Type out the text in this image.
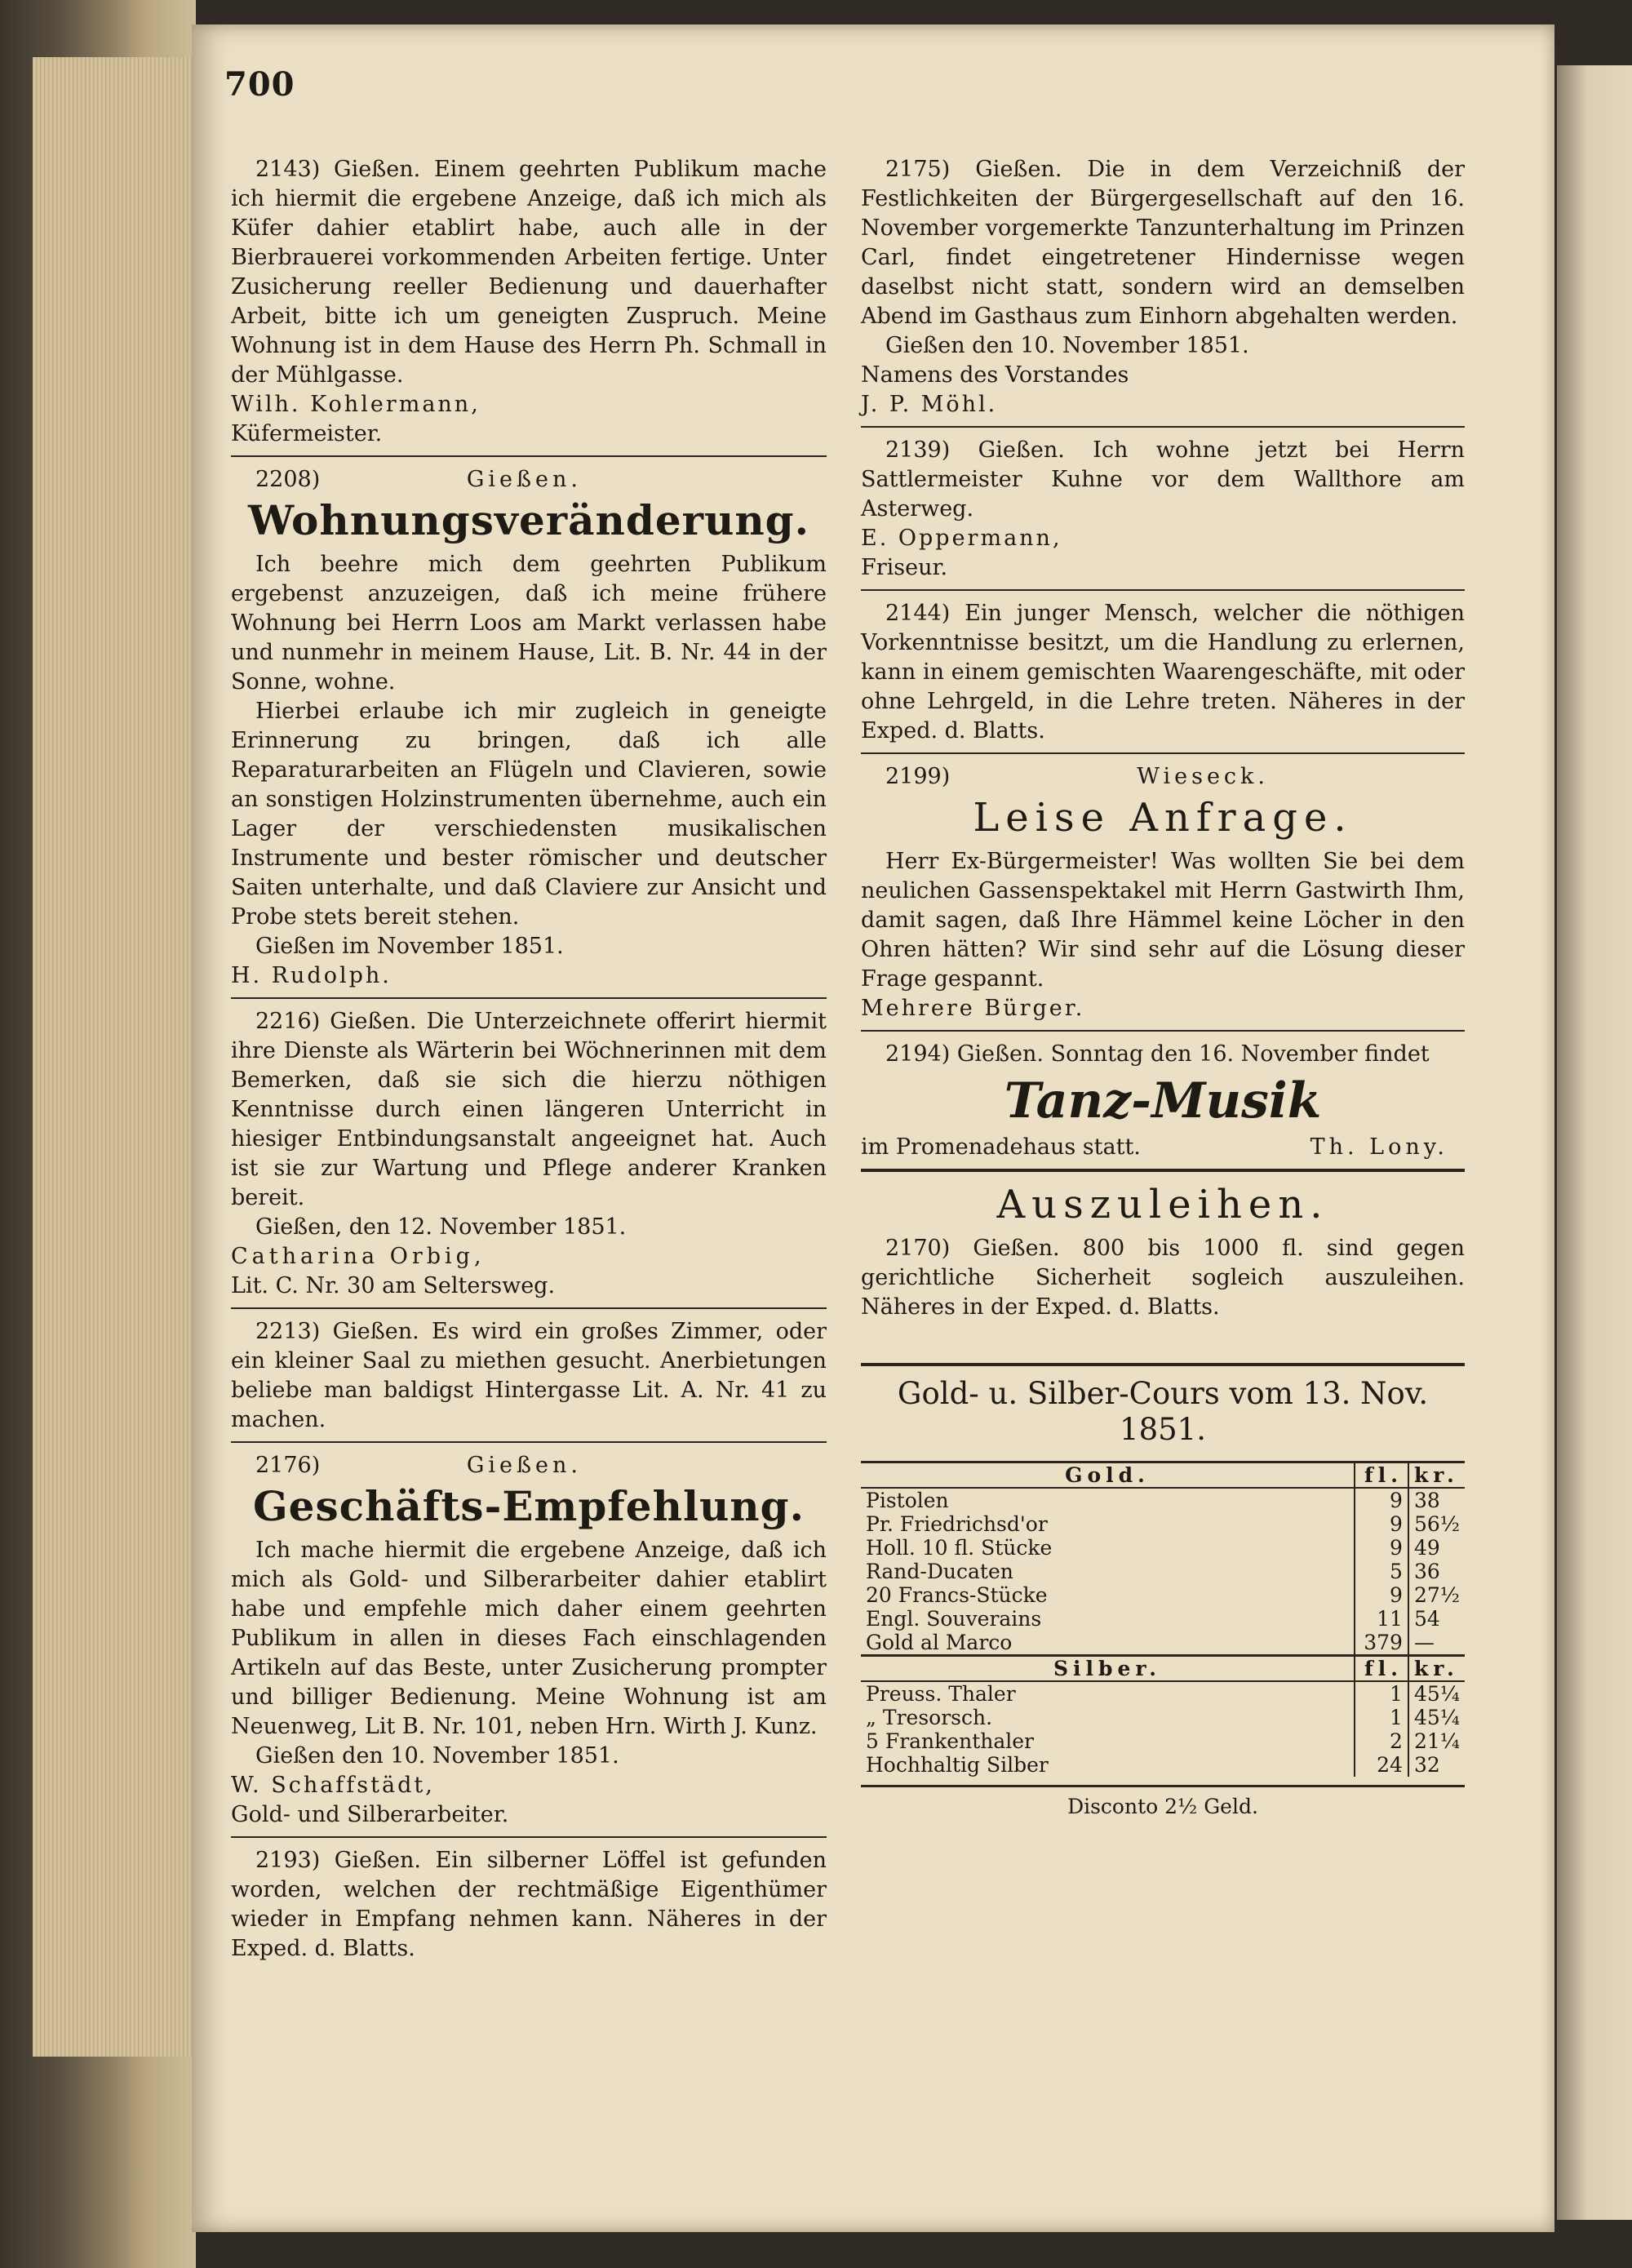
700

2143) Gießen. Einem geehrten Publikum mache ich hiermit die ergebene Anzeige, daß ich mich als Küfer dahier etablirt habe, auch alle in der Bierbrauerei vorkommenden Arbeiten fertige. Unter Zusicherung reeller Bedienung und dauerhafter Arbeit, bitte ich um geneigten Zuspruch. Meine Wohnung ist in dem Hause des Herrn Ph. Schmall in der Mühlgasse.

Wilh. Kohlermann,

Küfermeister.

2208)	Gießen.
Wohnungsveränderung.

Ich beehre mich dem geehrten Publikum ergebenst anzuzeigen, daß ich meine frühere Wohnung bei Herrn Loos am Markt verlassen habe und nunmehr in meinem Hause, Lit. B. Nr. 44 in der Sonne, wohne.

Hierbei erlaube ich mir zugleich in geneigte Erinnerung zu bringen, daß ich alle Reparaturarbeiten an Flügeln und Clavieren, sowie an sonstigen Holzinstrumenten übernehme, auch ein Lager der verschiedensten musikalischen Instrumente und bester römischer und deutscher Saiten unterhalte, und daß Claviere zur Ansicht und Probe stets bereit stehen.

Gießen im November 1851.

H. Rudolph.

2216) Gießen. Die Unterzeichnete offerirt hiermit ihre Dienste als Wärterin bei Wöchnerinnen mit dem Bemerken, daß sie sich die hierzu nöthigen Kenntnisse durch einen längeren Unterricht in hiesiger Entbindungsanstalt angeeignet hat. Auch ist sie zur Wartung und Pflege anderer Kranken bereit.

Gießen, den 12. November 1851.

Catharina Orbig,

Lit. C. Nr. 30 am Seltersweg.

2213) Gießen. Es wird ein großes Zimmer, oder ein kleiner Saal zu miethen gesucht. Anerbietungen beliebe man baldigst Hintergasse Lit. A. Nr. 41 zu machen.

2176)	Gießen.
Geschäfts-Empfehlung.

Ich mache hiermit die ergebene Anzeige, daß ich mich als Gold- und Silberarbeiter dahier etablirt habe und empfehle mich daher einem geehrten Publikum in allen in dieses Fach einschlagenden Artikeln auf das Beste, unter Zusicherung prompter und billiger Bedienung. Meine Wohnung ist am Neuenweg, Lit B. Nr. 101, neben Hrn. Wirth J. Kunz.

Gießen den 10. November 1851.

W. Schaffstädt,

Gold- und Silberarbeiter.

2193) Gießen. Ein silberner Löffel ist gefunden worden, welchen der rechtmäßige Eigenthümer wieder in Empfang nehmen kann. Näheres in der Exped. d. Blatts.

2175) Gießen. Die in dem Verzeichniß der Festlichkeiten der Bürgergesellschaft auf den 16. November vorgemerkte Tanzunterhaltung im Prinzen Carl, findet eingetretener Hindernisse wegen daselbst nicht statt, sondern wird an demselben Abend im Gasthaus zum Einhorn abgehalten werden.

Gießen den 10. November 1851.

Namens des Vorstandes

J. P. Möhl.

2139) Gießen. Ich wohne jetzt bei Herrn Sattlermeister Kuhne vor dem Wallthore am Asterweg.

E. Oppermann,

Friseur.

2144) Ein junger Mensch, welcher die nöthigen Vorkenntnisse besitzt, um die Handlung zu erlernen, kann in einem gemischten Waarengeschäfte, mit oder ohne Lehrgeld, in die Lehre treten. Näheres in der Exped. d. Blatts.

2199)	Wieseck.
Leise Anfrage.

Herr Ex-Bürgermeister! Was wollten Sie bei dem neulichen Gassenspektakel mit Herrn Gastwirth Ihm, damit sagen, daß Ihre Hämmel keine Löcher in den Ohren hätten? Wir sind sehr auf die Lösung dieser Frage gespannt.

Mehrere Bürger.

2194) Gießen. Sonntag den 16. November findet

Tanz-Musik
im Promenadehaus statt.	Th. Lony.
Auszuleihen.

2170) Gießen. 800 bis 1000 fl. sind gegen gerichtliche Sicherheit sogleich auszuleihen. Näheres in der Exped. d. Blatts.

Gold- u. Silber-Cours vom 13. Nov. 1851.
Gold.	fl.	kr.
Pistolen	9	38
Pr. Friedrichsd'or	9	56½
Holl. 10 fl. Stücke	9	49
Rand-Ducaten	5	36
20 Francs-Stücke	9	27½
Engl. Souverains	11	54
Gold al Marco	379	—
Silber.	fl.	kr.
Preuss. Thaler	1	45¼
„ Tresorsch.	1	45¼
5 Frankenthaler	2	21¼
Hochhaltig Silber	24	32
Disconto 2½ Geld.
